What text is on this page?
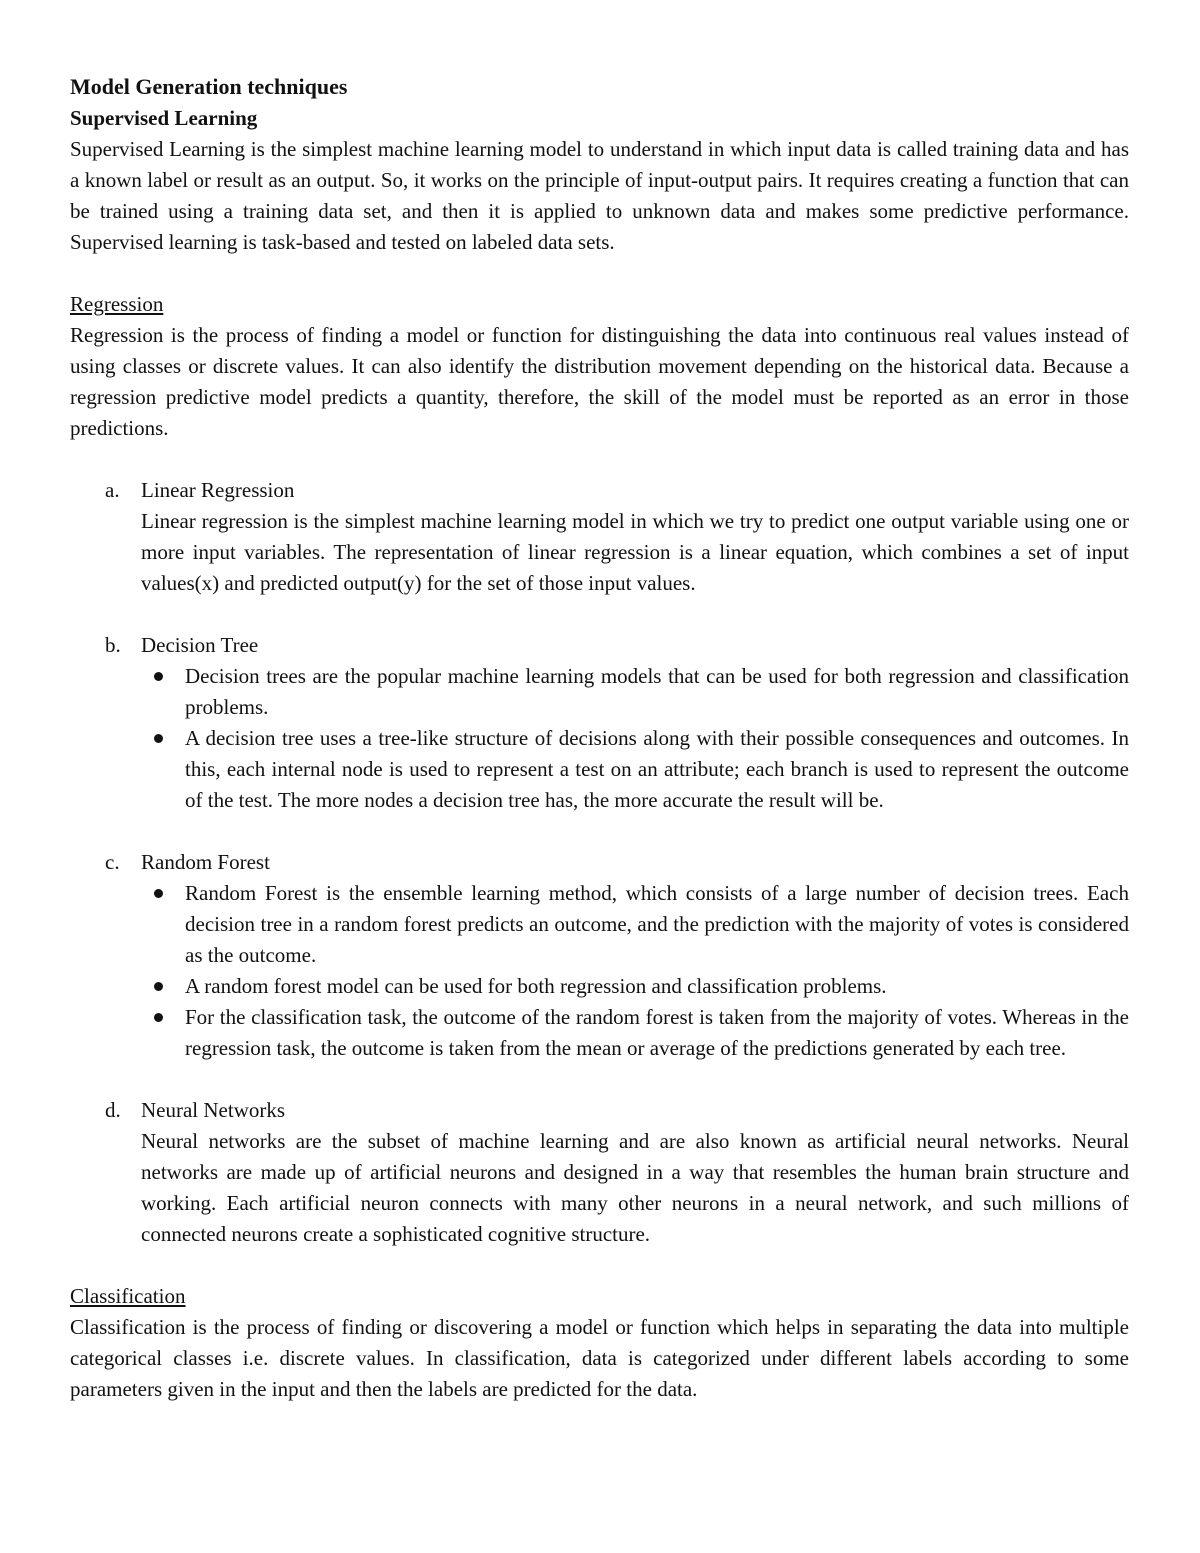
Model Generation techniques
Supervised Learning

Supervised Learning is the simplest machine learning model to understand in which input data is called training data and has a known label or result as an output. So, it works on the principle of input-output pairs. It requires creating a function that can be trained using a training data set, and then it is applied to unknown data and makes some predictive performance. Supervised learning is task-based and tested on labeled data sets.

Regression

Regression is the process of finding a model or function for distinguishing the data into continuous real values instead of using classes or discrete values. It can also identify the distribution movement depending on the historical data. Because a regression predictive model predicts a quantity, therefore, the skill of the model must be reported as an error in those predictions.

a. Linear Regression

Linear regression is the simplest machine learning model in which we try to predict one output variable using one or more input variables. The representation of linear regression is a linear equation, which combines a set of input values(x) and predicted output(y) for the set of those input values.

b. Decision Tree

Decision trees are the popular machine learning models that can be used for both regression and classification problems.

A decision tree uses a tree-like structure of decisions along with their possible consequences and outcomes. In this, each internal node is used to represent a test on an attribute; each branch is used to represent the outcome of the test. The more nodes a decision tree has, the more accurate the result will be.

c. Random Forest

Random Forest is the ensemble learning method, which consists of a large number of decision trees. Each decision tree in a random forest predicts an outcome, and the prediction with the majority of votes is considered as the outcome.

A random forest model can be used for both regression and classification problems.

For the classification task, the outcome of the random forest is taken from the majority of votes. Whereas in the regression task, the outcome is taken from the mean or average of the predictions generated by each tree.

d. Neural Networks

Neural networks are the subset of machine learning and are also known as artificial neural networks. Neural networks are made up of artificial neurons and designed in a way that resembles the human brain structure and working. Each artificial neuron connects with many other neurons in a neural network, and such millions of connected neurons create a sophisticated cognitive structure.

Classification

Classification is the process of finding or discovering a model or function which helps in separating the data into multiple categorical classes i.e. discrete values. In classification, data is categorized under different labels according to some parameters given in the input and then the labels are predicted for the data.
